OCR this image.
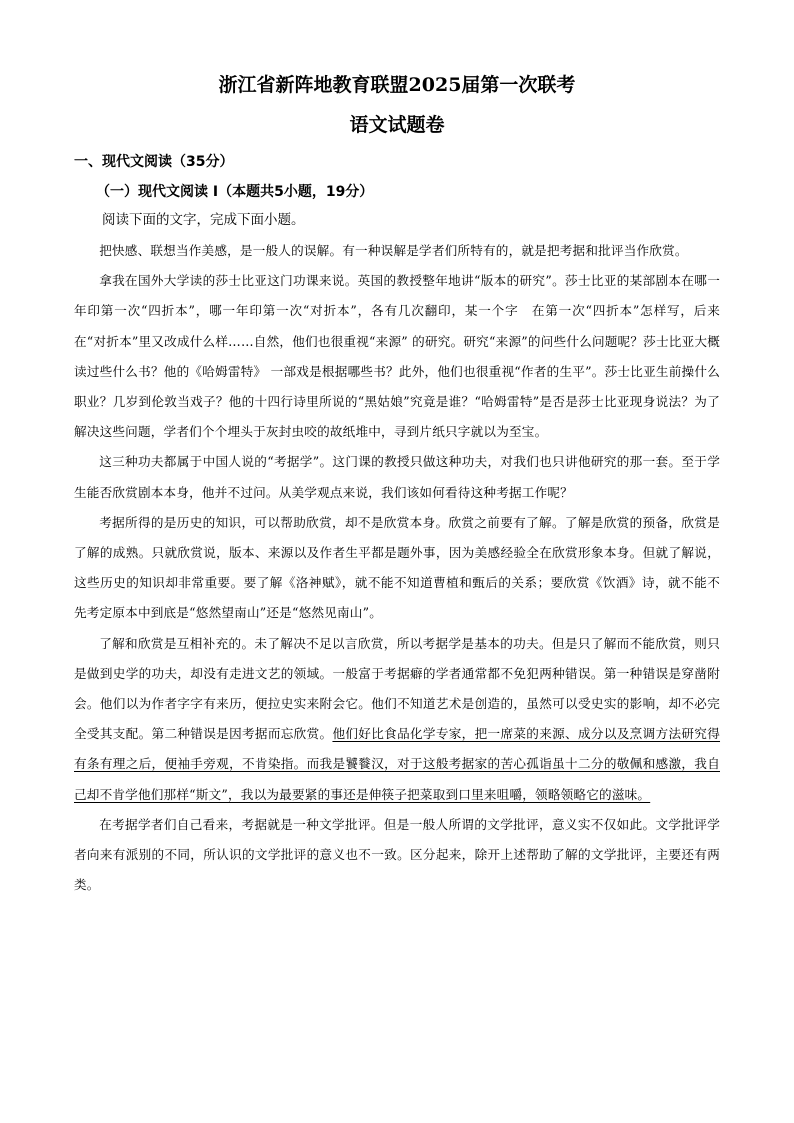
浙江省新阵地教育联盟2025届第一次联考
语文试题卷
一、现代文阅读（35分）
（一）现代文阅读 I（本题共5小题，19分）
阅读下面的文字，完成下面小题。

把快感、联想当作美感，是一般人的误解。有一种误解是学者们所特有的，就是把考据和批评当作欣赏。

拿我在国外大学读的莎士比亚这门功课来说。英国的教授整年地讲“版本的研究”。莎士比亚的某部剧本在哪一年印第一次“四折本”，哪一年印第一次“对折本”，各有几次翻印，某一个字　在第一次“四折本”怎样写，后来在“对折本”里又改成什么样……自然，他们也很重视“来源” 的研究。研究“来源”的问些什么问题呢？莎士比亚大概读过些什么书？他的《哈姆雷特》 一部戏是根据哪些书？此外，他们也很重视“作者的生平”。莎士比亚生前操什么职业？几岁到伦敦当戏子？他的十四行诗里所说的“黑姑娘”究竟是谁？“哈姆雷特”是否是莎士比亚现身说法？为了解决这些问题，学者们个个埋头于灰封虫咬的故纸堆中，寻到片纸只字就以为至宝。

这三种功夫都属于中国人说的“考据学”。这门课的教授只做这种功夫，对我们也只讲他研究的那一套。至于学生能否欣赏剧本本身，他并不过问。从美学观点来说，我们该如何看待这种考据工作呢？

考据所得的是历史的知识，可以帮助欣赏，却不是欣赏本身。欣赏之前要有了解。了解是欣赏的预备，欣赏是了解的成熟。只就欣赏说，版本、来源以及作者生平都是题外事，因为美感经验全在欣赏形象本身。但就了解说，这些历史的知识却非常重要。要了解《洛神赋》，就不能不知道曹植和甄后的关系；要欣赏《饮酒》诗，就不能不先考定原本中到底是“悠然望南山”还是“悠然见南山”。

了解和欣赏是互相补充的。未了解决不足以言欣赏，所以考据学是基本的功夫。但是只了解而不能欣赏，则只是做到史学的功夫，却没有走进文艺的领域。一般富于考据癖的学者通常都不免犯两种错误。第一种错误是穿凿附会。他们以为作者字字有来历，便拉史实来附会它。他们不知道艺术是创造的，虽然可以受史实的影响，却不必完全受其支配。第二种错误是因考据而忘欣赏。他们好比食品化学专家，把一席菜的来源、成分以及烹调方法研究得有条有理之后，便袖手旁观，不肯染指。而我是饕餮汉，对于这般考据家的苦心孤诣虽十二分的敬佩和感激，我自己却不肯学他们那样“斯文”，我以为最要紧的事还是伸筷子把菜取到口里来咀嚼，领略领略它的滋味。

在考据学者们自己看来，考据就是一种文学批评。但是一般人所谓的文学批评，意义实不仅如此。文学批评学者向来有派别的不同，所认识的文学批评的意义也不一致。区分起来，除开上述帮助了解的文学批评，主要还有两类。
